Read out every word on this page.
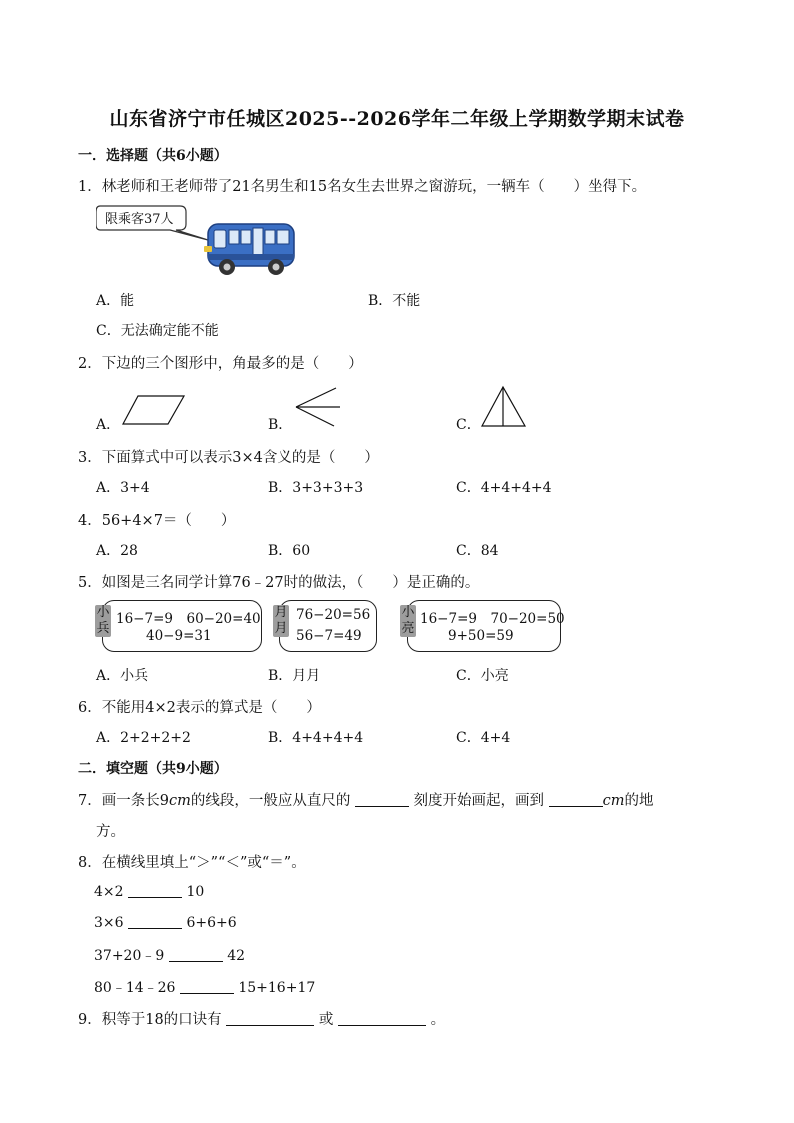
山东省济宁市任城区2025--2026学年二年级上学期数学期末试卷
一．选择题（共6小题）
1．林老师和王老师带了21名男生和15名女生去世界之窗游玩，一辆车（　　）坐得下。
限乘客37人
A．能	B．不能
C．无法确定能不能
2．下边的三个图形中，角最多的是（　　）
A．	B．	C．
3．下面算式中可以表示3×4含义的是（　　）
A．3+4	B．3+3+3+3	C．4+4+4+4
4．56+4×7＝（　　）
A．28	B．60	C．84
5．如图是三名同学计算76﹣27时的做法，（　　）是正确的。
16−7=9　60−20=40
40−9=31
小兵
76−20=56
56−7=49
月月
16−7=9　70−20=50
9+50=59
小亮
A．小兵	B．月月	C．小亮
6．不能用4×2表示的算式是（　　）
A．2+2+2+2	B．4+4+4+4	C．4+4
二．填空题（共9小题）
7．画一条长9cm的线段，一般应从直尺的	刻度开始画起，画到	cm的地
方。
8．在横线里填上“＞”“＜”或“＝”。
4×2	10
3×6	6+6+6
37+20﹣9	42
80﹣14﹣26	15+16+17
9．积等于18的口诀有	或	。
